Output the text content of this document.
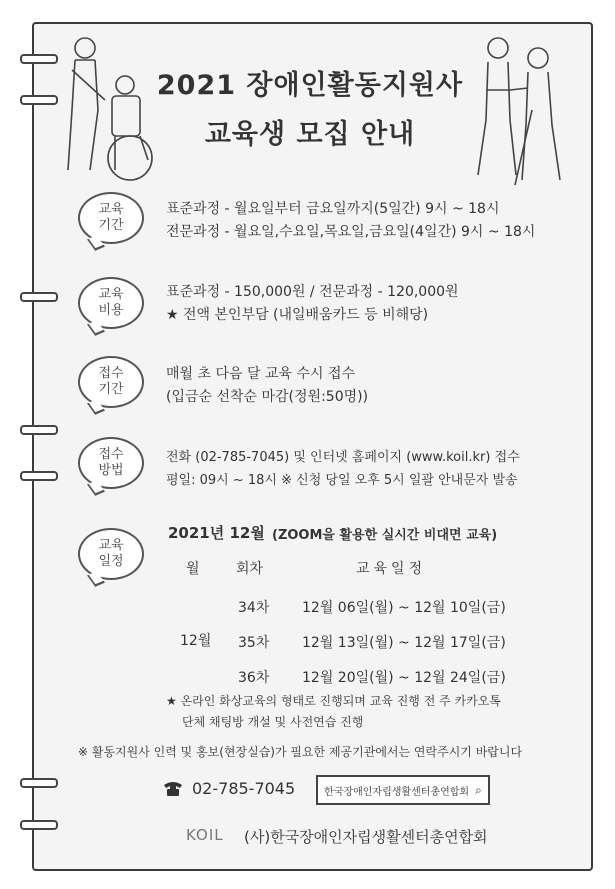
2021 장애인활동지원사
교육생 모집 안내
교육
기간
표준과정 - 월요일부터 금요일까지(5일간) 9시 ~ 18시
전문과정 - 월요일,수요일,목요일,금요일(4일간) 9시 ~ 18시
교육
비용
표준과정 - 150,000원 / 전문과정 - 120,000원
★ 전액 본인부담 (내일배움카드 등 비해당)
접수
기간
매월 초 다음 달 교육 수시 접수
(입금순 선착순 마감(정원:50명))
접수
방법
전화 (02-785-7045) 및 인터넷 홈페이지 (www.koil.kr) 접수
평일: 09시 ~ 18시 ※ 신청 당일 오후 5시 일괄 안내문자 발송
교육
일정
2021년 12월 (ZOOM을 활용한 실시간 비대면 교육)
월	회차	교육일정
12월
34차 12월 06일(월) ~ 12월 10일(금)
35차 12월 13일(월) ~ 12월 17일(금)
36차 12월 20일(월) ~ 12월 24일(금)
★ 온라인 화상교육의 형태로 진행되며 교육 진행 전 주 카카오톡
단체 채팅방 개설 및 사전연습 진행
※ 활동지원사 인력 및 홍보(현장실습)가 필요한 제공기관에서는 연락주시기 바랍니다
02-785-7045	한국장애인자립생활센터총연합회 ⌕
KOIL (사)한국장애인자립생활센터총연합회
